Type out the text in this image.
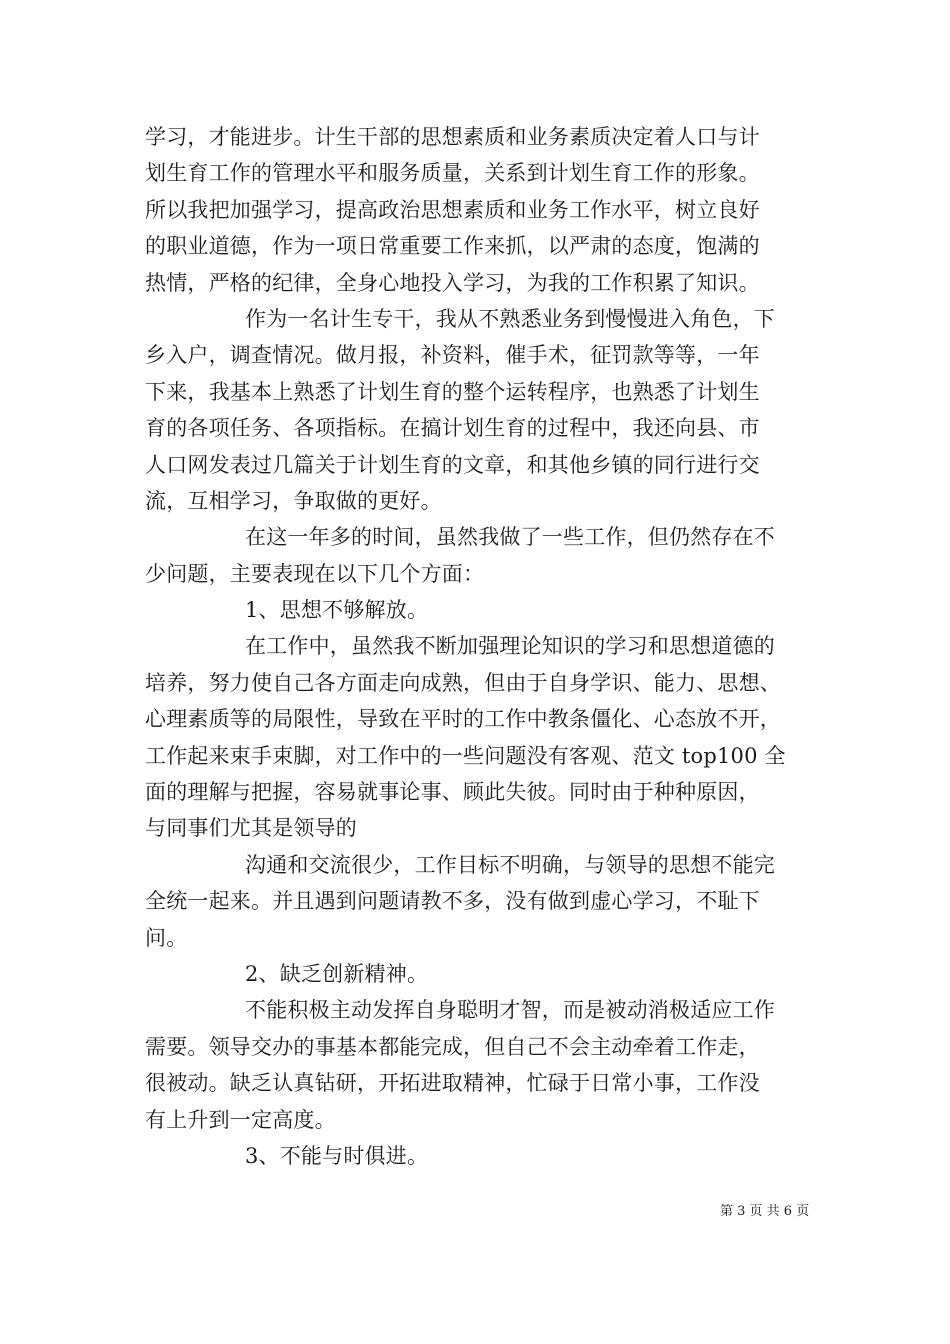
学习，才能进步。计生干部的思想素质和业务素质决定着人口与计
划生育工作的管理水平和服务质量，关系到计划生育工作的形象。
所以我把加强学习，提高政治思想素质和业务工作水平，树立良好
的职业道德，作为一项日常重要工作来抓，以严肃的态度，饱满的
热情，严格的纪律，全身心地投入学习，为我的工作积累了知识。
作为一名计生专干，我从不熟悉业务到慢慢进入角色，下
乡入户，调查情况。做月报，补资料，催手术，征罚款等等，一年
下来，我基本上熟悉了计划生育的整个运转程序，也熟悉了计划生
育的各项任务、各项指标。在搞计划生育的过程中，我还向县、市
人口网发表过几篇关于计划生育的文章，和其他乡镇的同行进行交
流，互相学习，争取做的更好。
在这一年多的时间，虽然我做了一些工作，但仍然存在不
少问题，主要表现在以下几个方面：
1、思想不够解放。
在工作中，虽然我不断加强理论知识的学习和思想道德的
培养，努力使自己各方面走向成熟，但由于自身学识、能力、思想、
心理素质等的局限性，导致在平时的工作中教条僵化、心态放不开，
工作起来束手束脚，对工作中的一些问题没有客观、范文 top100 全
面的理解与把握，容易就事论事、顾此失彼。同时由于种种原因，
与同事们尤其是领导的
沟通和交流很少，工作目标不明确，与领导的思想不能完
全统一起来。并且遇到问题请教不多，没有做到虚心学习，不耻下
问。
2、缺乏创新精神。
不能积极主动发挥自身聪明才智，而是被动消极适应工作
需要。领导交办的事基本都能完成，但自己不会主动牵着工作走，
很被动。缺乏认真钻研，开拓进取精神，忙碌于日常小事，工作没
有上升到一定高度。
3、不能与时俱进。
第 3 页 共 6 页
